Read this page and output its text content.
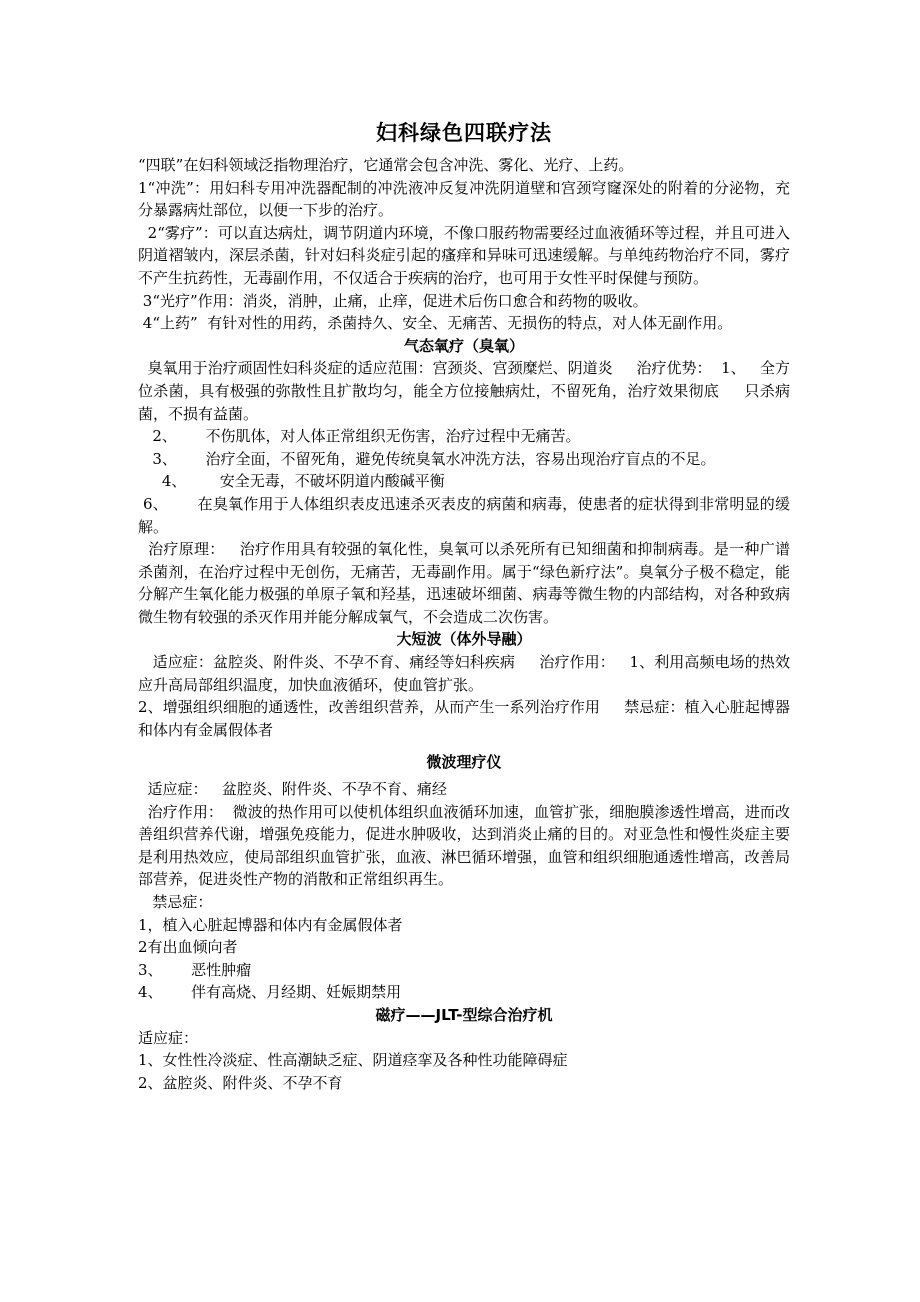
妇科绿色四联疗法

“四联”在妇科领域泛指物理治疗，它通常会包含冲洗、雾化、光疗、上药。

1“冲洗”：用妇科专用冲洗器配制的冲洗液冲反复冲洗阴道壁和宫颈穹窿深处的附着的分泌物，充分暴露病灶部位，以便一下步的治疗。

2“雾疗”：可以直达病灶，调节阴道内环境，不像口服药物需要经过血液循环等过程，并且可进入阴道褶皱内，深层杀菌，针对妇科炎症引起的瘙痒和异味可迅速缓解。与单纯药物治疗不同，雾疗不产生抗药性，无毒副作用，不仅适合于疾病的治疗，也可用于女性平时保健与预防。

3“光疗”作用：消炎，消肿，止痛，止痒，促进术后伤口愈合和药物的吸收。

4“上药”  有针对性的用药，杀菌持久、安全、无痛苦、无损伤的特点，对人体无副作用。

气态氧疗（臭氧）

臭氧用于治疗顽固性妇科炎症的适应范围：宫颈炎、宫颈糜烂、阴道炎     治疗优势：  1、   全方位杀菌，具有极强的弥散性且扩散均匀，能全方位接触病灶，不留死角，治疗效果彻底     只杀病菌，不损有益菌。

2、      不伤肌体，对人体正常组织无伤害，治疗过程中无痛苦。

3、      治疗全面，不留死角，避免传统臭氧水冲洗方法，容易出现治疗盲点的不足。

4、       安全无毒，不破坏阴道内酸碱平衡

6、      在臭氧作用于人体组织表皮迅速杀灭表皮的病菌和病毒，使患者的症状得到非常明显的缓解。

治疗原理：   治疗作用具有较强的氧化性，臭氧可以杀死所有已知细菌和抑制病毒。是一种广谱杀菌剂，在治疗过程中无创伤，无痛苦，无毒副作用。属于“绿色新疗法”。臭氧分子极不稳定，能分解产生氧化能力极强的单原子氧和羟基，迅速破坏细菌、病毒等微生物的内部结构，对各种致病微生物有较强的杀灭作用并能分解成氧气，不会造成二次伤害。

大短波（体外导融）

适应症：盆腔炎、附件炎、不孕不育、痛经等妇科疾病     治疗作用：   1、利用高频电场的热效应升高局部组织温度，加快血液循环，使血管扩张。

2、增强组织细胞的通透性，改善组织营养，从而产生一系列治疗作用     禁忌症：植入心脏起博器和体内有金属假体者

微波理疗仪

适应症：   盆腔炎、附件炎、不孕不育、痛经

治疗作用：  微波的热作用可以使机体组织血液循环加速，血管扩张，细胞膜渗透性增高，进而改善组织营养代谢，增强免疫能力，促进水肿吸收，达到消炎止痛的目的。对亚急性和慢性炎症主要是利用热效应，使局部组织血管扩张，血液、淋巴循环增强，血管和组织细胞通透性增高，改善局部营养，促进炎性产物的消散和正常组织再生。

禁忌症：

1，植入心脏起博器和体内有金属假体者

2有出血倾向者

3、      恶性肿瘤

4、      伴有高烧、月经期、妊娠期禁用

磁疗——JLT-型综合治疗机

适应症：

1、女性性冷淡症、性高潮缺乏症、阴道痉挛及各种性功能障碍症

2、盆腔炎、附件炎、不孕不育
